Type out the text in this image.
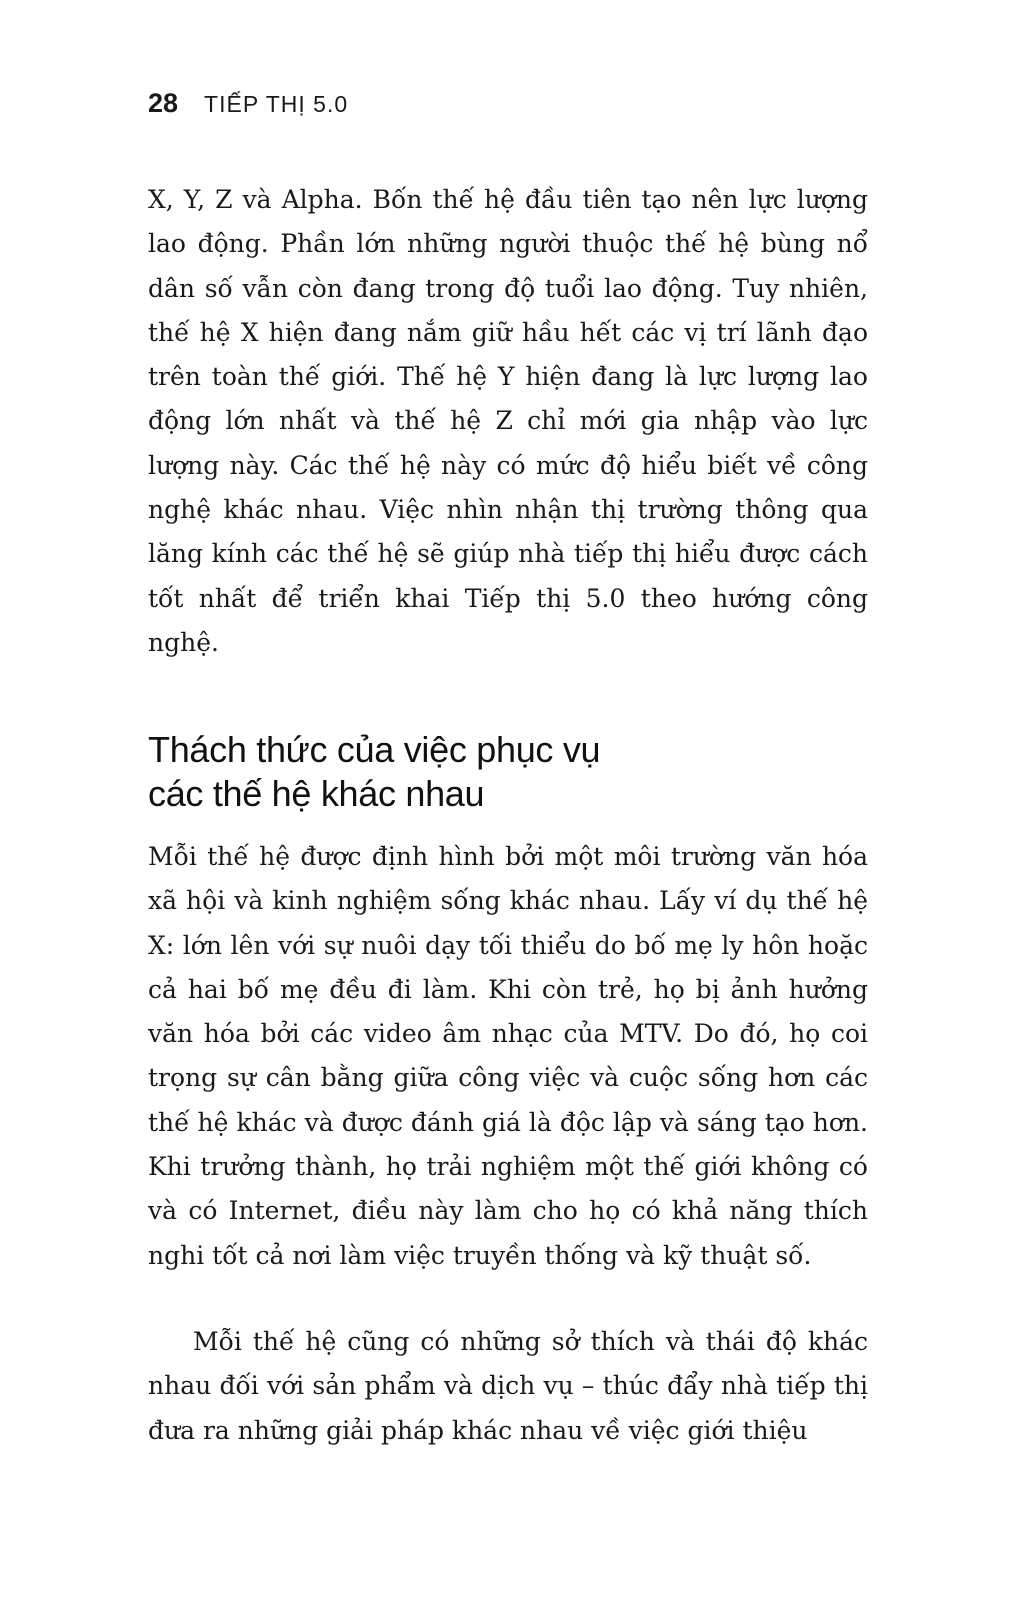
28 TIẾP THỊ 5.0

X, Y, Z và Alpha. Bốn thế hệ đầu tiên tạo nên lực lượng lao động. Phần lớn những người thuộc thế hệ bùng nổ dân số vẫn còn đang trong độ tuổi lao động. Tuy nhiên, thế hệ X hiện đang nắm giữ hầu hết các vị trí lãnh đạo trên toàn thế giới. Thế hệ Y hiện đang là lực lượng lao động lớn nhất và thế hệ Z chỉ mới gia nhập vào lực lượng này. Các thế hệ này có mức độ hiểu biết về công nghệ khác nhau. Việc nhìn nhận thị trường thông qua lăng kính các thế hệ sẽ giúp nhà tiếp thị hiểu được cách tốt nhất để triển khai Tiếp thị 5.0 theo hướng công nghệ.

Thách thức của việc phục vụ
các thế hệ khác nhau

Mỗi thế hệ được định hình bởi một môi trường văn hóa xã hội và kinh nghiệm sống khác nhau. Lấy ví dụ thế hệ X: lớn lên với sự nuôi dạy tối thiểu do bố mẹ ly hôn hoặc cả hai bố mẹ đều đi làm. Khi còn trẻ, họ bị ảnh hưởng văn hóa bởi các video âm nhạc của MTV. Do đó, họ coi trọng sự cân bằng giữa công việc và cuộc sống hơn các thế hệ khác và được đánh giá là độc lập và sáng tạo hơn. Khi trưởng thành, họ trải nghiệm một thế giới không có và có Internet, điều này làm cho họ có khả năng thích nghi tốt cả nơi làm việc truyền thống và kỹ thuật số.

Mỗi thế hệ cũng có những sở thích và thái độ khác nhau đối với sản phẩm và dịch vụ – thúc đẩy nhà tiếp thị đưa ra những giải pháp khác nhau về việc giới thiệu
